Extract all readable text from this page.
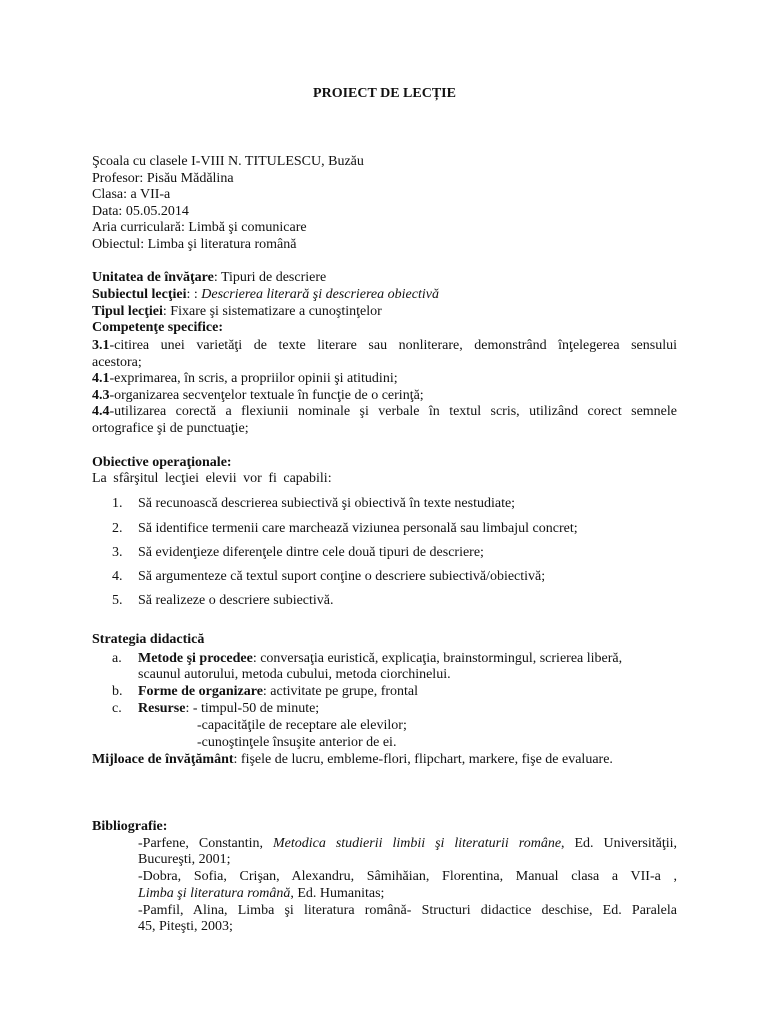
PROIECT DE LECȚIE
Şcoala cu clasele I-VIII N. TITULESCU, Buzău
Profesor: Pisău Mădălina
Clasa: a VII-a
Data: 05.05.2014
Aria curriculară: Limbă şi comunicare
Obiectul: Limba şi literatura română
Unitatea de învăţare: Tipuri de descriere
Subiectul lecţiei: : Descrierea literară şi descrierea obiectivă
Tipul lecţiei: Fixare şi sistematizare a cunoştinţelor
Competenţe specifice:
3.1-citirea unei varietăţi de texte literare sau nonliterare, demonstrând înţelegerea sensului
acestora;
4.1-exprimarea, în scris, a propriilor opinii şi atitudini;
4.3-organizarea secvenţelor textuale în funcţie de o cerinţă;
4.4-utilizarea corectă a flexiunii nominale şi verbale în textul scris, utilizând corect semnele
ortografice şi de punctuaţie;
Obiective operaţionale:
La sfârşitul lecţiei elevii vor fi capabili:
1. Să recunoască descrierea subiectivă şi obiectivă în texte nestudiate;
2. Să identifice termenii care marchează viziunea personală sau limbajul concret;
3. Să evidenţieze diferenţele dintre cele două tipuri de descriere;
4. Să argumenteze că textul suport conţine o descriere subiectivă/obiectivă;
5. Să realizeze o descriere subiectivă.
Strategia didactică
a. Metode şi procedee: conversaţia euristică, explicaţia, brainstormingul, scrierea liberă,
scaunul autorului, metoda cubului, metoda ciorchinelui.
b. Forme de organizare: activitate pe grupe, frontal
c. Resurse: - timpul-50 de minute;
-capacităţile de receptare ale elevilor;
-cunoştinţele însuşite anterior de ei.
Mijloace de învăţământ: fişele de lucru, embleme-flori, flipchart, markere, fişe de evaluare.
Bibliografie:
-Parfene, Constantin, Metodica studierii limbii şi literaturii române, Ed. Universităţii,
Bucureşti, 2001;
-Dobra, Sofia, Crişan, Alexandru, Sâmihăian, Florentina, Manual clasa a VII-a ,
Limba şi literatura română, Ed. Humanitas;
-Pamfil, Alina, Limba şi literatura română- Structuri didactice deschise, Ed. Paralela
45, Piteşti, 2003;
